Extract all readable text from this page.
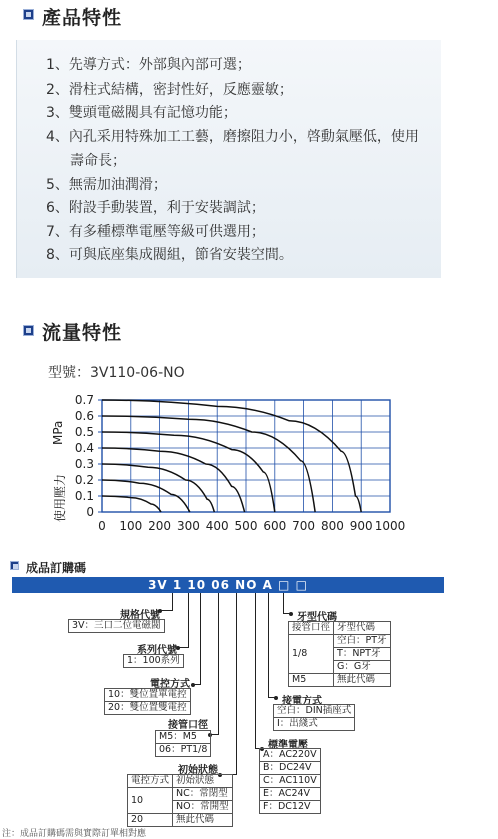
產品特性
1、先導方式：外部與內部可選；
2、滑柱式結構，密封性好，反應靈敏；
3、雙頭電磁閥具有記憶功能；
4、內孔采用特殊加工工藝，磨擦阻力小，啓動氣壓低，使用
壽命長；
5、無需加油潤滑；
6、附設手動裝置，利于安裝調試；
7、有多種標準電壓等級可供選用；
8、可與底座集成閥組，節省安裝空間。
流量特性
型號：3V110-06-NO
0
0.1
0.2
0.3
0.4
0.5
0.6
0.7
0 100 200 300 400 500 600 700 800 900 1000
MPa
使用壓力
成品訂購碼
3V 1 10 06 NO A □ □
規格代號
3V：三口二位電磁閥
系列代號
1：100系列
電控方式
10：雙位置單電控
20：雙位置雙電控
接管口徑
M5：M5
06：PT1/8
初始狀態
電控方式	初始狀態
10	NC：常閉型
	NO：常開型
20	無此代碼
牙型代碼
接管口徑	牙型代碼
1/8	空白：PT牙
	T：NPT牙
	G：G牙
M5	無此代碼
接電方式
空白：DIN插座式
I：出綫式
標準電壓
A：AC220V
B：DC24V
C：AC110V
E：AC24V
F：DC12V
注：成品訂購碼需與實際訂單相對應
